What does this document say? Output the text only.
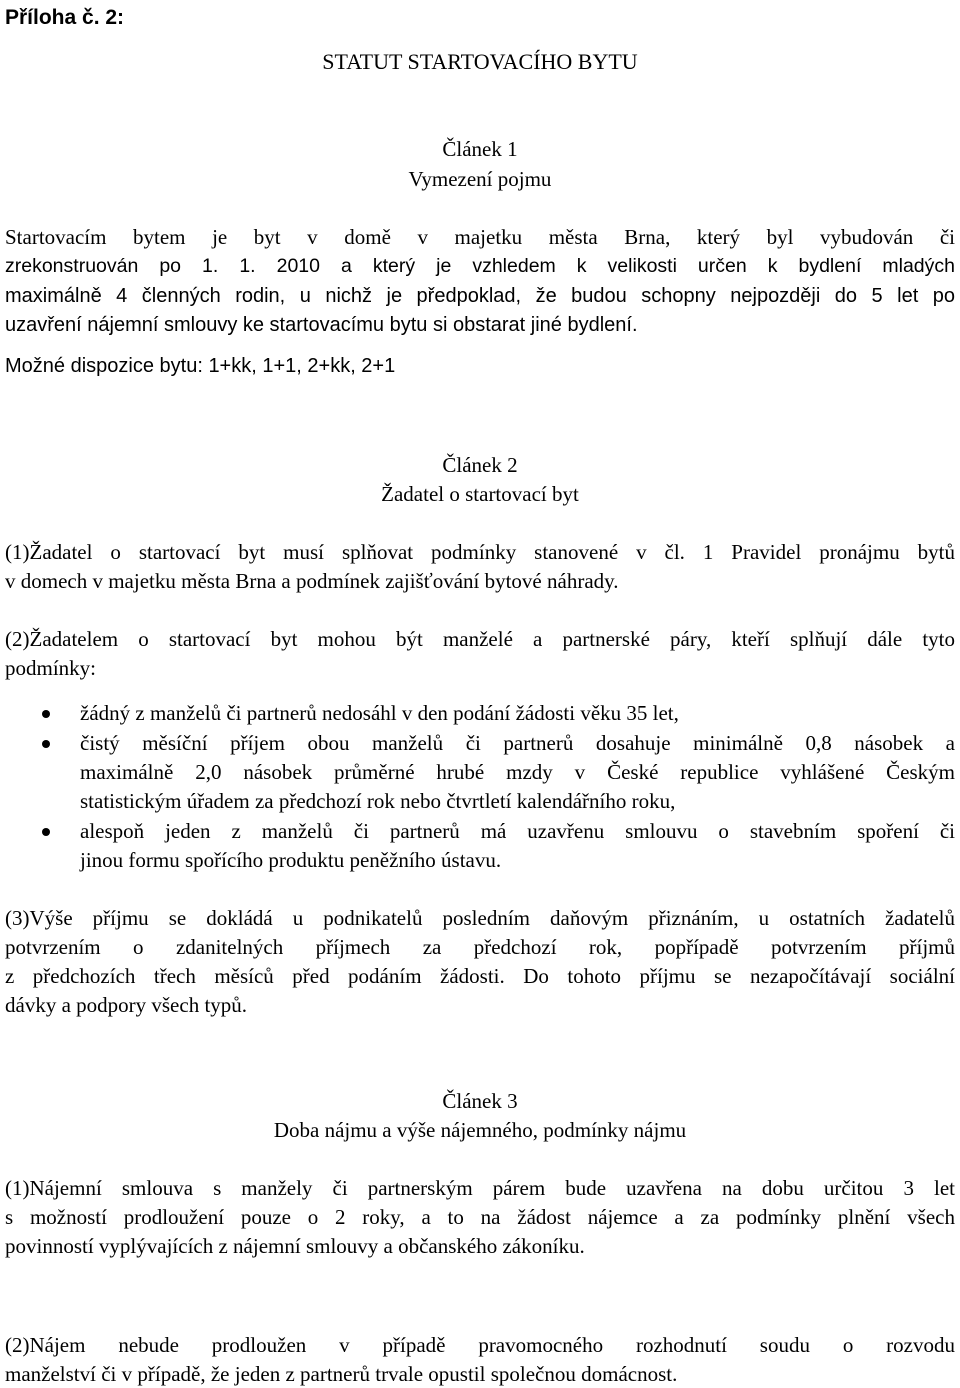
Příloha č. 2:
STATUT STARTOVACÍHO BYTU
Článek 1
Vymezení pojmu
Startovacím bytem je byt v domě v majetku města Brna, který byl vybudován či
zrekonstruován po 1. 1. 2010 a který je vzhledem k velikosti určen k bydlení mladých
maximálně 4 členných rodin, u nichž je předpoklad, že budou schopny nejpozději do 5 let po
uzavření nájemní smlouvy ke startovacímu bytu si obstarat jiné bydlení.
Možné dispozice bytu: 1+kk, 1+1, 2+kk, 2+1
Článek 2
Žadatel o startovací byt
(1)Žadatel o startovací byt musí splňovat podmínky stanovené v čl. 1 Pravidel pronájmu bytů
v domech v majetku města Brna a podmínek zajišťování bytové náhrady.
(2)Žadatelem o startovací byt mohou být manželé a partnerské páry, kteří splňují dále tyto
podmínky:
žádný z manželů či partnerů nedosáhl v den podání žádosti věku 35 let,
čistý měsíční příjem obou manželů či partnerů dosahuje minimálně 0,8 násobek a
maximálně 2,0 násobek průměrné hrubé mzdy v České republice vyhlášené Českým
statistickým úřadem za předchozí rok nebo čtvrtletí kalendářního roku,
alespoň jeden z manželů či partnerů má uzavřenu smlouvu o stavebním spoření či
jinou formu spořícího produktu peněžního ústavu.
(3)Výše příjmu se dokládá u podnikatelů posledním daňovým přiznáním, u ostatních žadatelů
potvrzením o zdanitelných příjmech za předchozí rok, popřípadě potvrzením příjmů
z předchozích třech měsíců před podáním žádosti. Do tohoto příjmu se nezapočítávají sociální
dávky a podpory všech typů.
Článek 3
Doba nájmu a výše nájemného, podmínky nájmu
(1)Nájemní smlouva s manžely či partnerským párem bude uzavřena na dobu určitou 3 let
s možností prodloužení pouze o 2 roky, a to na žádost nájemce a za podmínky plnění všech
povinností vyplývajících z nájemní smlouvy a občanského zákoníku.
(2)Nájem nebude prodloužen v případě pravomocného rozhodnutí soudu o rozvodu
manželství či v případě, že jeden z partnerů trvale opustil společnou domácnost.
